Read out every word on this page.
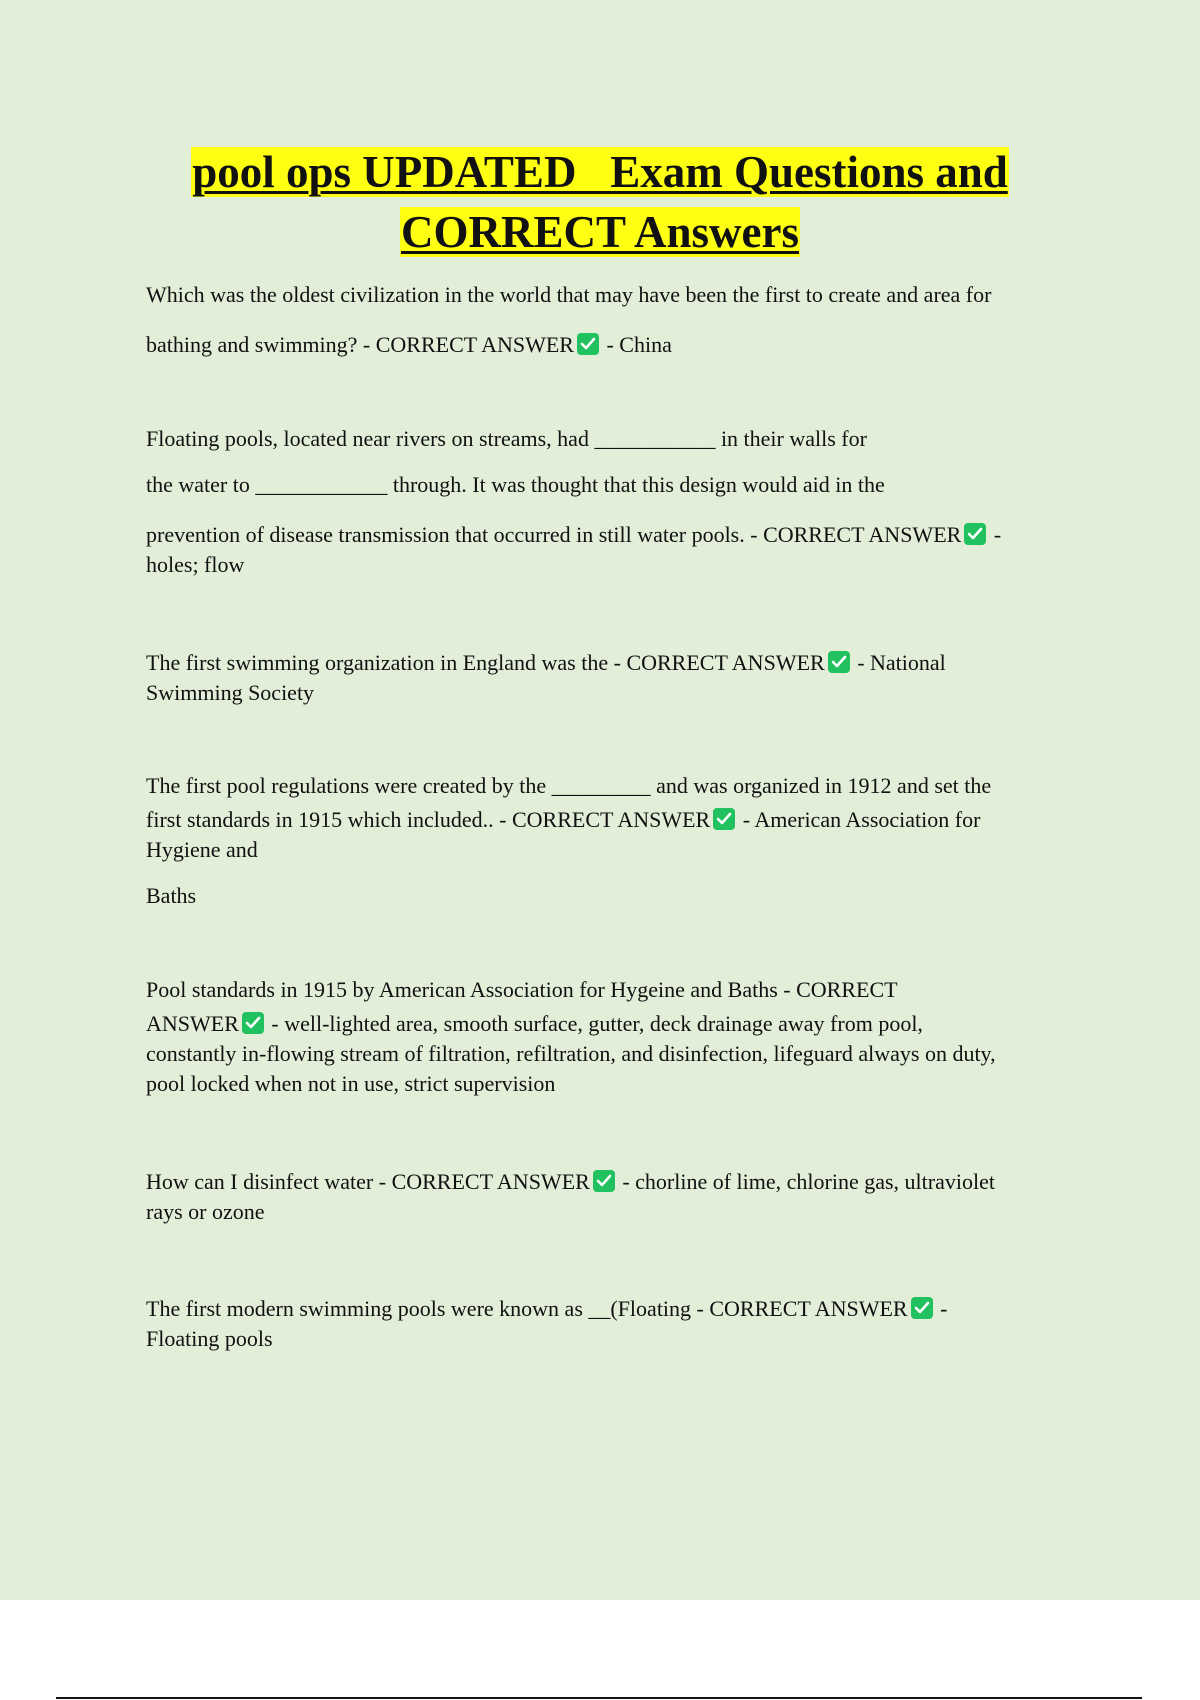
pool ops UPDATED   Exam Questions and
CORRECT Answers
Which was the oldest civilization in the world that may have been the first to create and area for
bathing and swimming? - CORRECT ANSWER
- China
Floating pools, located near rivers on streams, had ___________ in their walls for
the water to ____________ through. It was thought that this design would aid in the
prevention of disease transmission that occurred in still water pools. - CORRECT ANSWER
-
holes; flow
The first swimming organization in England was the - CORRECT ANSWER
- National
Swimming Society
The first pool regulations were created by the _________ and was organized in 1912 and set the
first standards in 1915 which included.. - CORRECT ANSWER
- American Association for
Hygiene and
Baths
Pool standards in 1915 by American Association for Hygeine and Baths - CORRECT
ANSWER
- well-lighted area, smooth surface, gutter, deck drainage away from pool,
constantly in-flowing stream of filtration, refiltration, and disinfection, lifeguard always on duty,
pool locked when not in use, strict supervision
How can I disinfect water - CORRECT ANSWER
- chorline of lime, chlorine gas, ultraviolet
rays or ozone
The first modern swimming pools were known as __(Floating - CORRECT ANSWER
-
Floating pools
